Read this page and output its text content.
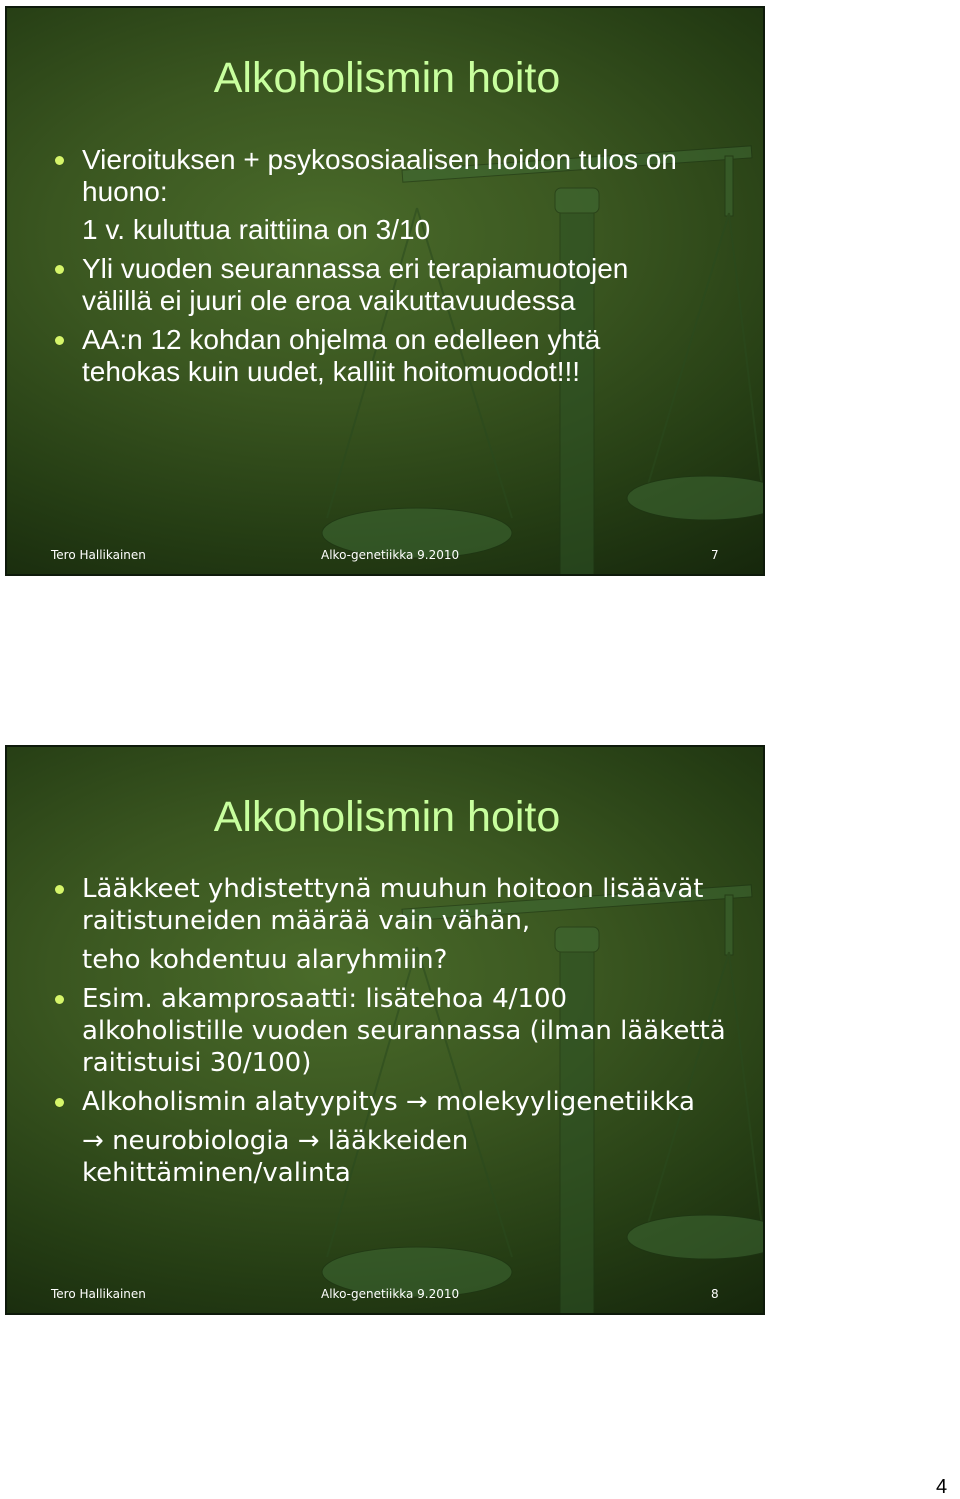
Alkoholismin hoito
Vieroituksen + psykososiaalisen hoidon tulos on
huono:
1 v. kuluttua raittiina on 3/10
Yli vuoden seurannassa eri terapiamuotojen
välillä ei juuri ole eroa vaikuttavuudessa
AA:n 12 kohdan ohjelma on edelleen yhtä
tehokas kuin uudet, kalliit hoitomuodot!!!
Tero Hallikainen	Alko-genetiikka 9.2010	7
Alkoholismin hoito
Lääkkeet yhdistettynä muuhun hoitoon lisäävät
raitistuneiden määrää vain vähän,
teho kohdentuu alaryhmiin?
Esim. akamprosaatti: lisätehoa 4/100
alkoholistille vuoden seurannassa (ilman lääkettä
raitistuisi 30/100)
Alkoholismin alatyypitys → molekyyligenetiikka
→ neurobiologia → lääkkeiden
kehittäminen/valinta
Tero Hallikainen	Alko-genetiikka 9.2010	8
4
